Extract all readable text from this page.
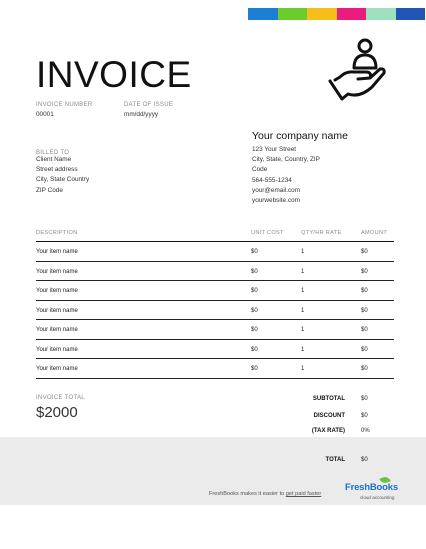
INVOICE
INVOICE NUMBER
00001
DATE OF ISSUE
mm/dd/yyyy
Your company name
BILLED TO
Client Name
Street address
City, State Country
ZIP Code
123 Your Street
City, State, Country, ZIP
Code
564-555-1234
your@email.com
yourwebsite.com
DESCRIPTION	UNIT COST	QTY/HR RATE	AMOUNT
Your item name	$0	1	$0
Your item name	$0	1	$0
Your item name	$0	1	$0
Your item name	$0	1	$0
Your item name	$0	1	$0
Your item name	$0	1	$0
Your item name	$0	1	$0
INVOICE TOTAL
$2000
SUBTOTAL	$0
DISCOUNT	$0
(TAX RATE)	0%
TOTAL	$0
FreshBooks makes it easier to get paid faster
FreshBooks
cloud accounting
